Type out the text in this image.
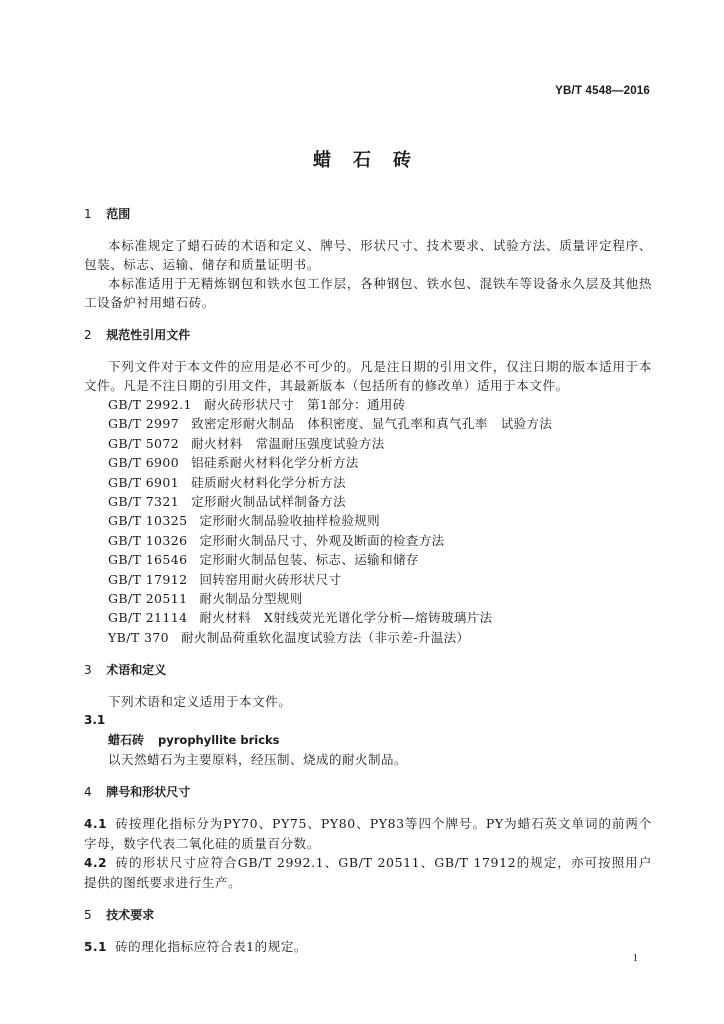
YB/T 4548—2016
蜡石砖
1 范围

本标准规定了蜡石砖的术语和定义、牌号、形状尺寸、技术要求、试验方法、质量评定程序、包装、标志、运输、储存和质量证明书。

本标准适用于无精炼钢包和铁水包工作层，各种钢包、铁水包、混铁车等设备永久层及其他热工设备炉衬用蜡石砖。

2 规范性引用文件

下列文件对于本文件的应用是必不可少的。凡是注日期的引用文件，仅注日期的版本适用于本文件。凡是不注日期的引用文件，其最新版本（包括所有的修改单）适用于本文件。

GB/T 2992.1 耐火砖形状尺寸　第1部分：通用砖
GB/T 2997 致密定形耐火制品　体积密度、显气孔率和真气孔率　试验方法
GB/T 5072 耐火材料　常温耐压强度试验方法
GB/T 6900 铝硅系耐火材料化学分析方法
GB/T 6901 硅质耐火材料化学分析方法
GB/T 7321 定形耐火制品试样制备方法
GB/T 10325 定形耐火制品验收抽样检验规则
GB/T 10326 定形耐火制品尺寸、外观及断面的检查方法
GB/T 16546 定形耐火制品包装、标志、运输和储存
GB/T 17912 回转窑用耐火砖形状尺寸
GB/T 20511 耐火制品分型规则
GB/T 21114 耐火材料　X射线荧光光谱化学分析—熔铸玻璃片法
YB/T 370 耐火制品荷重软化温度试验方法（非示差-升温法）
3 术语和定义

下列术语和定义适用于本文件。

3.1
蜡石砖 pyrophyllite bricks
以天然蜡石为主要原料，经压制、烧成的耐火制品。
4 牌号和形状尺寸

4.1 砖按理化指标分为PY70、PY75、PY80、PY83等四个牌号。PY为蜡石英文单词的前两个字母，数字代表二氧化硅的质量百分数。

4.2 砖的形状尺寸应符合GB/T 2992.1、GB/T 20511、GB/T 17912的规定，亦可按照用户提供的图纸要求进行生产。

5 技术要求

5.1 砖的理化指标应符合表1的规定。

1
